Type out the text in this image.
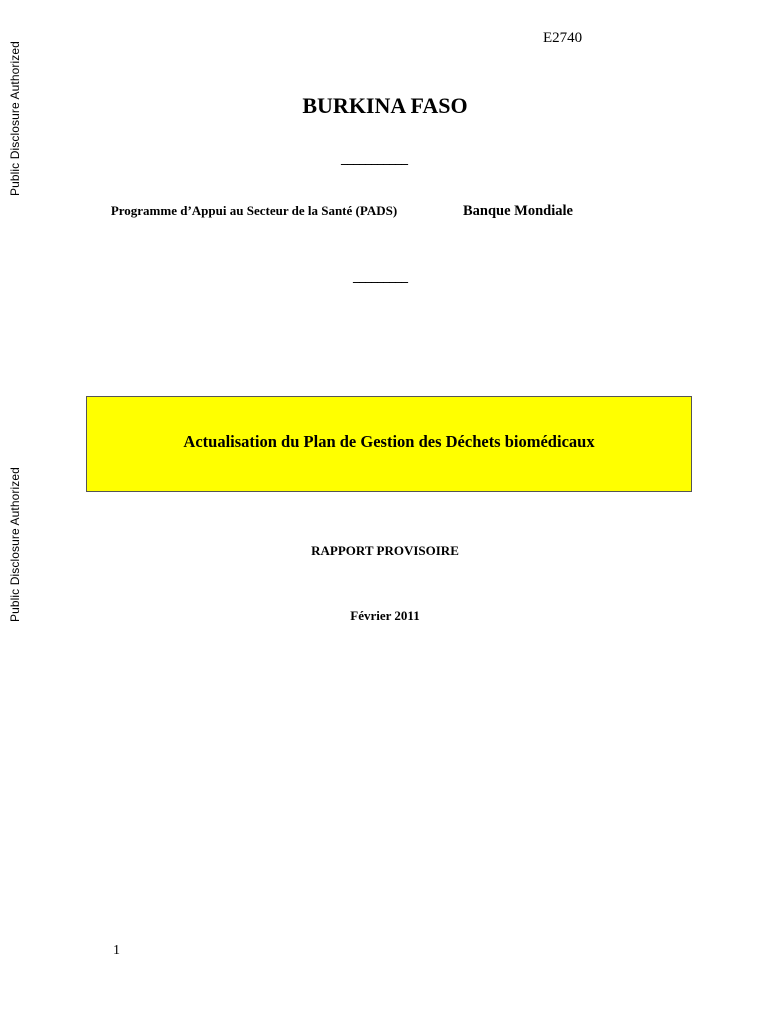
Public Disclosure Authorized
Public Disclosure Authorized
E2740
BURKINA FASO
___________
Programme d’Appui au Secteur de la Santé (PADS)	Banque Mondiale
_________
Actualisation du Plan de Gestion des Déchets biomédicaux
RAPPORT PROVISOIRE
Février 2011
1
